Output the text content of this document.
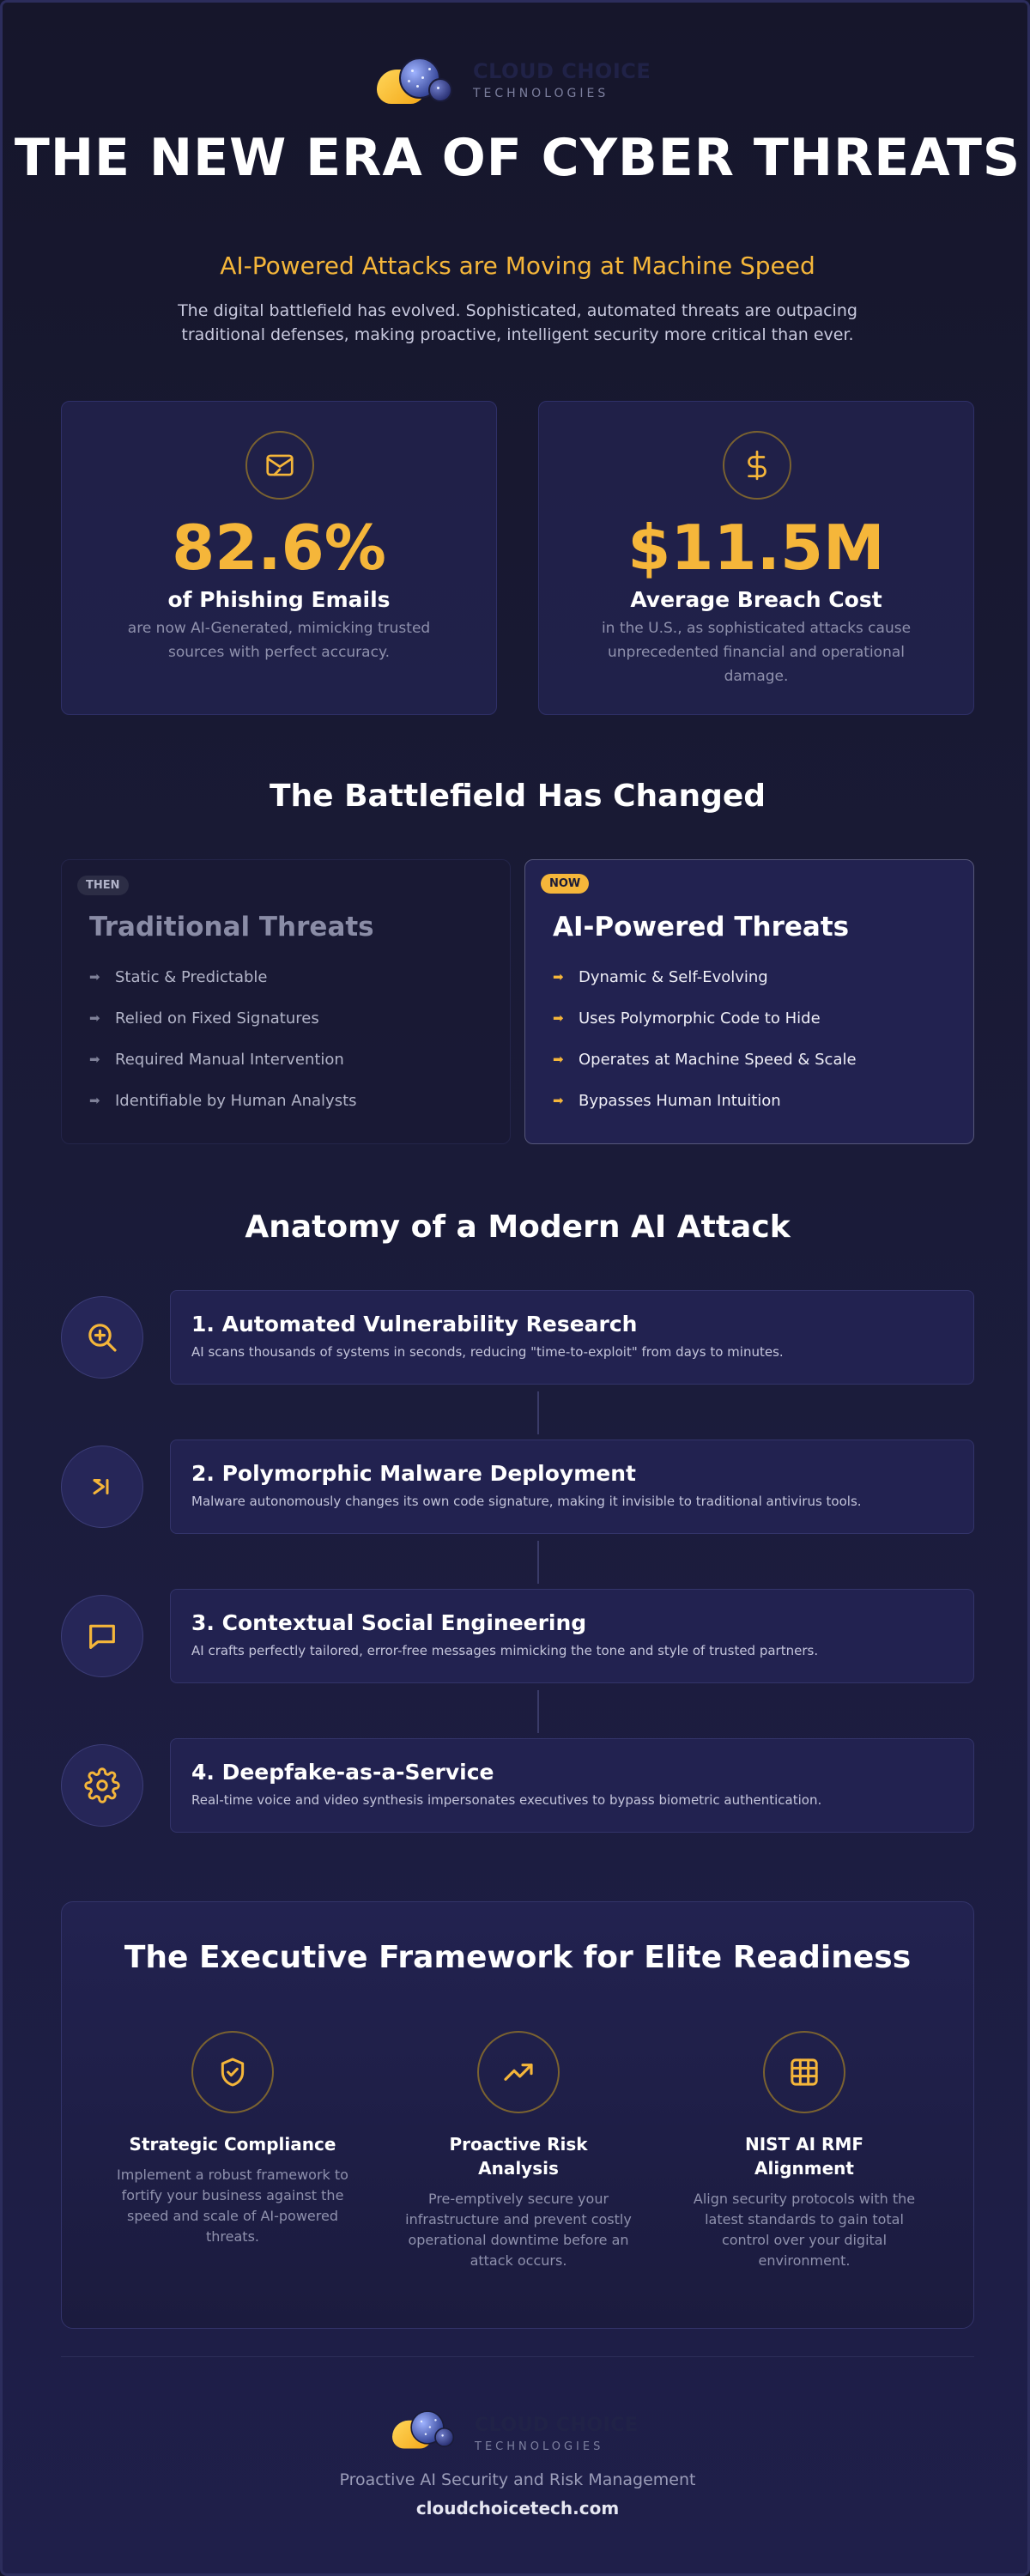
CLOUD CHOICE
TECHNOLOGIES
THE NEW ERA OF CYBER THREATS
AI-Powered Attacks are Moving at Machine Speed
The digital battlefield has evolved. Sophisticated, automated threats are outpacing traditional defenses, making proactive, intelligent security more critical than ever.
82.6%
of Phishing Emails
are now AI-Generated, mimicking trusted sources with perfect accuracy.
$11.5M
Average Breach Cost
in the U.S., as sophisticated attacks cause unprecedented financial and operational damage.
The Battlefield Has Changed
THEN
Traditional Threats
➡ Static & Predictable
➡ Relied on Fixed Signatures
➡ Required Manual Intervention
➡ Identifiable by Human Analysts
NOW
AI-Powered Threats
➡ Dynamic & Self-Evolving
➡ Uses Polymorphic Code to Hide
➡ Operates at Machine Speed & Scale
➡ Bypasses Human Intuition
Anatomy of a Modern AI Attack
1. Automated Vulnerability Research
AI scans thousands of systems in seconds, reducing "time-to-exploit" from days to minutes.
2. Polymorphic Malware Deployment
Malware autonomously changes its own code signature, making it invisible to traditional antivirus tools.
3. Contextual Social Engineering
AI crafts perfectly tailored, error-free messages mimicking the tone and style of trusted partners.
4. Deepfake-as-a-Service
Real-time voice and video synthesis impersonates executives to bypass biometric authentication.
The Executive Framework for Elite Readiness
Strategic Compliance
Implement a robust framework to fortify your business against the speed and scale of AI-powered threats.
Proactive Risk Analysis
Pre-emptively secure your infrastructure and prevent costly operational downtime before an attack occurs.
NIST AI RMF Alignment
Align security protocols with the latest standards to gain total control over your digital environment.
CLOUD CHOICE
TECHNOLOGIES
Proactive AI Security and Risk Management
cloudchoicetech.com
